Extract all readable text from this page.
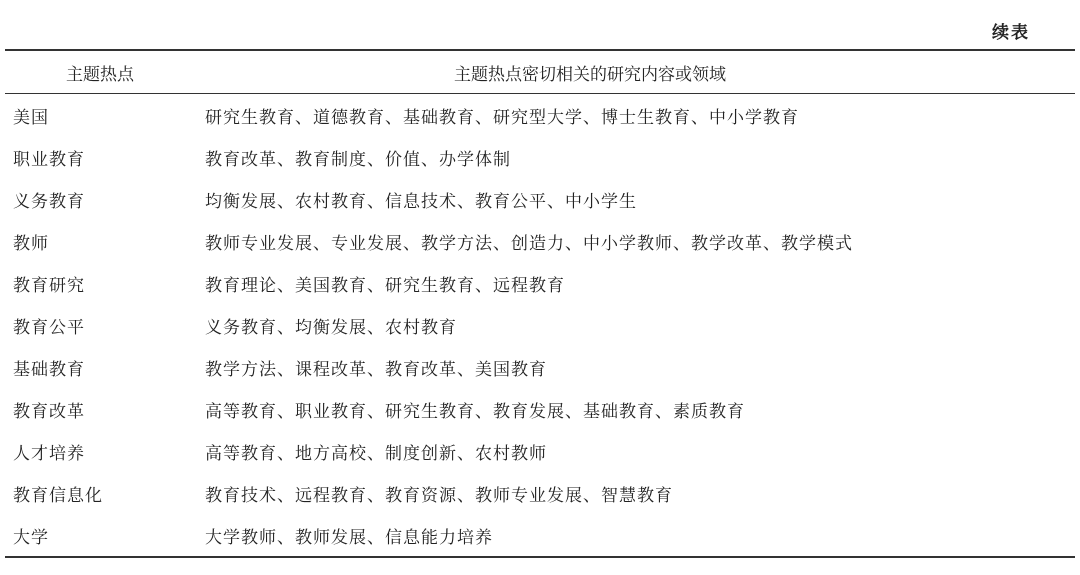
续表
主题热点	主题热点密切相关的研究内容或领域
美国	研究生教育、道德教育、基础教育、研究型大学、博士生教育、中小学教育
职业教育	教育改革、教育制度、价值、办学体制
义务教育	均衡发展、农村教育、信息技术、教育公平、中小学生
教师	教师专业发展、专业发展、教学方法、创造力、中小学教师、教学改革、教学模式
教育研究	教育理论、美国教育、研究生教育、远程教育
教育公平	义务教育、均衡发展、农村教育
基础教育	教学方法、课程改革、教育改革、美国教育
教育改革	高等教育、职业教育、研究生教育、教育发展、基础教育、素质教育
人才培养	高等教育、地方高校、制度创新、农村教师
教育信息化	教育技术、远程教育、教育资源、教师专业发展、智慧教育
大学	大学教师、教师发展、信息能力培养
